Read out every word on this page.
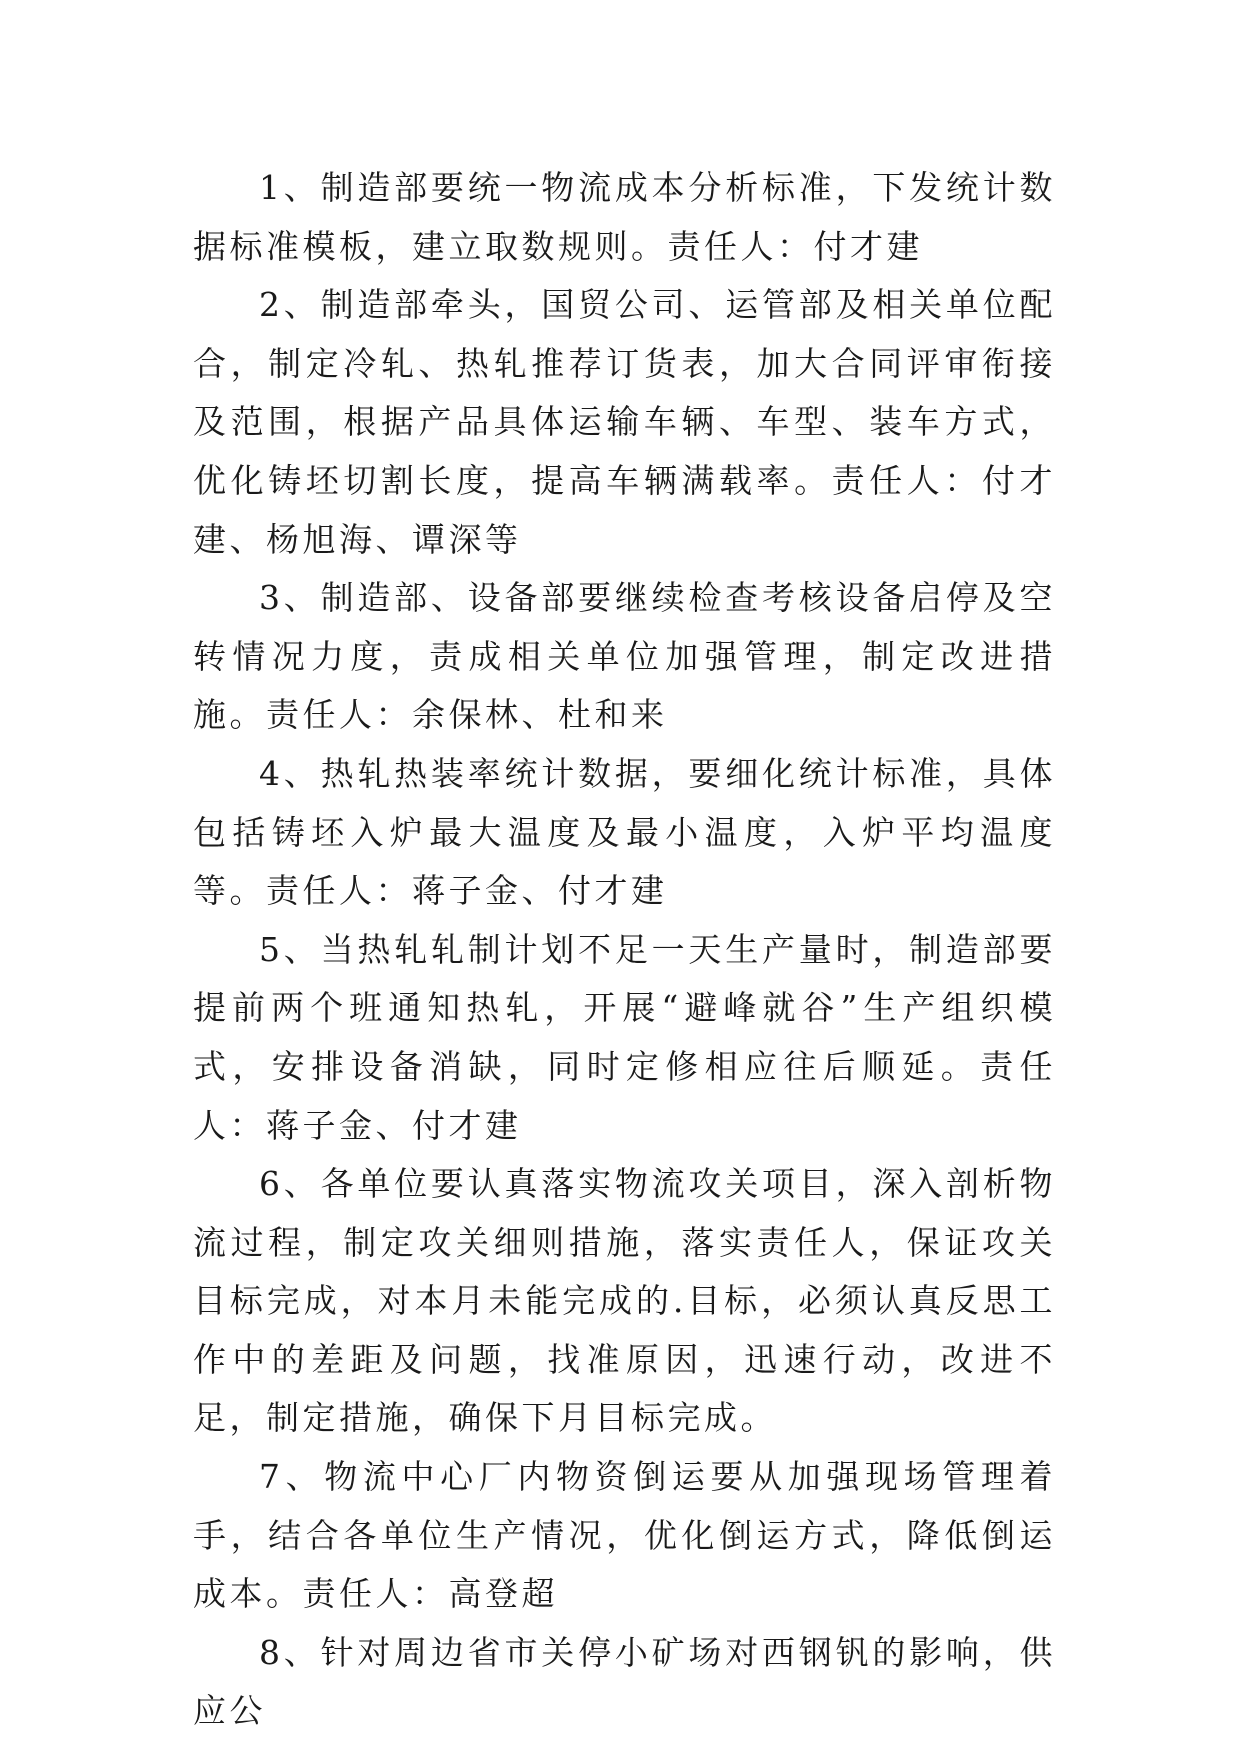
1、制造部要统一物流成本分析标准，下发统计数据标准模板，建立取数规则。责任人：付才建

2、制造部牵头，国贸公司、运管部及相关单位配合，制定冷轧、热轧推荐订货表，加大合同评审衔接及范围，根据产品具体运输车辆、车型、装车方式，优化铸坯切割长度，提高车辆满载率。责任人：付才建、杨旭海、谭深等

3、制造部、设备部要继续检查考核设备启停及空转情况力度，责成相关单位加强管理，制定改进措施。责任人：余保林、杜和来

4、热轧热装率统计数据，要细化统计标准，具体包括铸坯入炉最大温度及最小温度，入炉平均温度等。责任人：蒋子金、付才建

5、当热轧轧制计划不足一天生产量时，制造部要提前两个班通知热轧，开展“避峰就谷”生产组织模式，安排设备消缺，同时定修相应往后顺延。责任人：蒋子金、付才建

6、各单位要认真落实物流攻关项目，深入剖析物流过程，制定攻关细则措施，落实责任人，保证攻关目标完成，对本月未能完成的.目标，必须认真反思工作中的差距及问题，找准原因，迅速行动，改进不足，制定措施，确保下月目标完成。

7、物流中心厂内物资倒运要从加强现场管理着手，结合各单位生产情况，优化倒运方式，降低倒运成本。责任人：高登超

8、针对周边省市关停小矿场对西钢钒的影响，供应公
